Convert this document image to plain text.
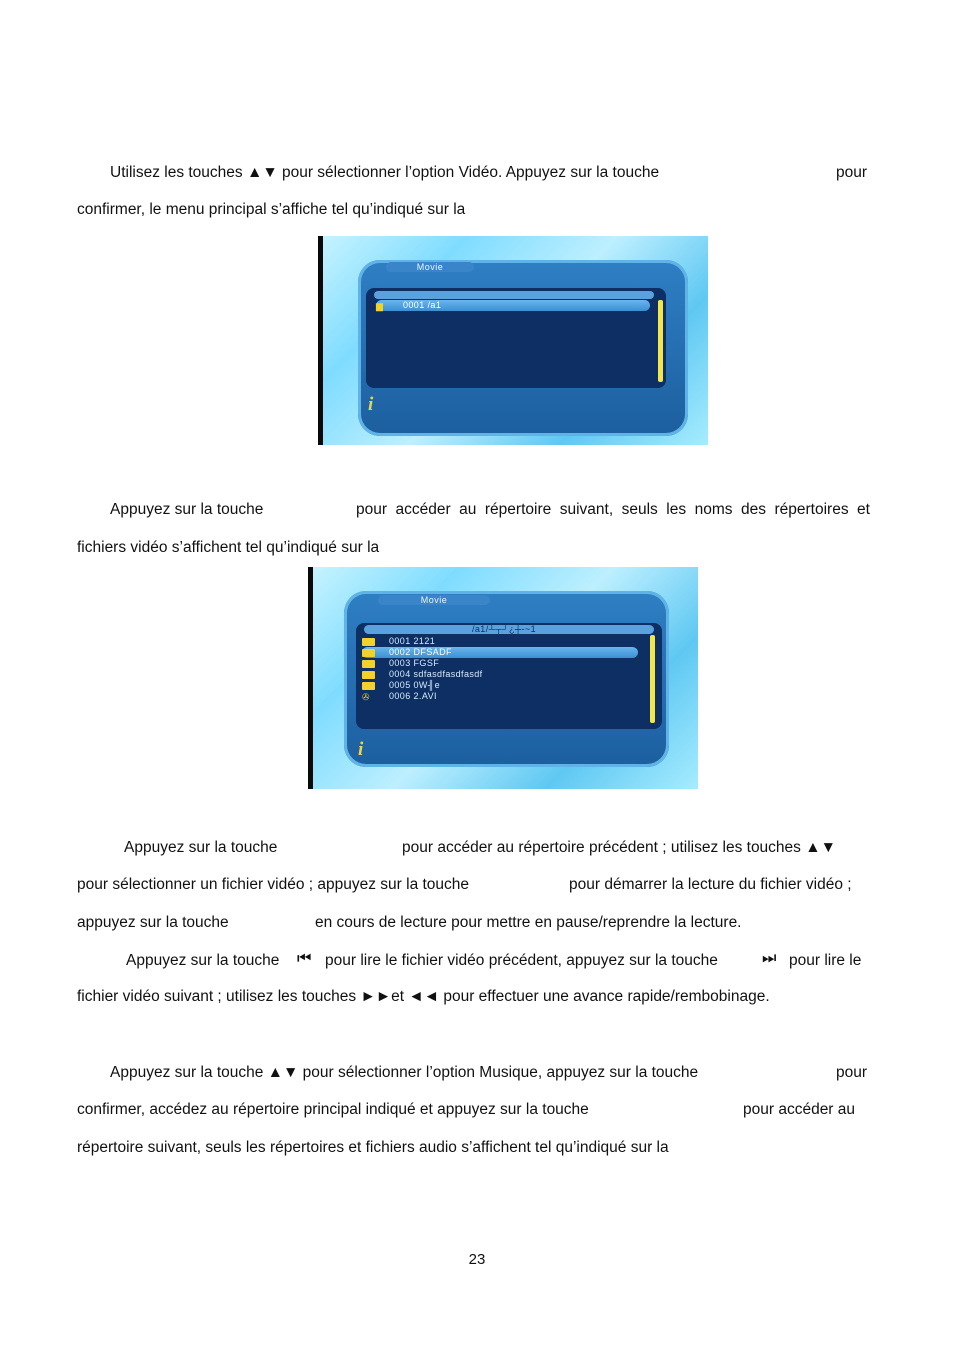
Utilisez les touches ▲▼ pour sélectionner l’option Vidéo. Appuyez sur la touche	pour
confirmer, le menu principal s’affiche tel qu’indiqué sur la
Movie
▆ 0001 /a1
i
Appuyez sur la touche	pour accéder au répertoire suivant, seuls les noms des répertoires et
fichiers vidéo s’affichent tel qu’indiqué sur la
Movie
/a1/┴┬┘¿┼-~1
0001 2121
0002 DFSADF
0003 FGSF
0004 sdfasdfasdfasdf
0005 0W╢e
✇ 0006 2.AVI
i
Appuyez sur la touche	pour accéder au répertoire précédent ; utilisez les touches ▲▼
pour sélectionner un fichier vidéo ; appuyez sur la touche	pour démarrer la lecture du fichier vidéo ;
appuyez sur la touche	en cours de lecture pour mettre en pause/reprendre la lecture.
Appuyez sur la touche ⏮ pour lire le fichier vidéo précédent, appuyez sur la touche	⏭ pour lire le
fichier vidéo suivant ; utilisez les touches ►►et ◄◄ pour effectuer une avance rapide/rembobinage.
Appuyez sur la touche ▲▼ pour sélectionner l’option Musique, appuyez sur la touche	pour
confirmer, accédez au répertoire principal indiqué et appuyez sur la touche	pour accéder au
répertoire suivant, seuls les répertoires et fichiers audio s’affichent tel qu’indiqué sur la
23
